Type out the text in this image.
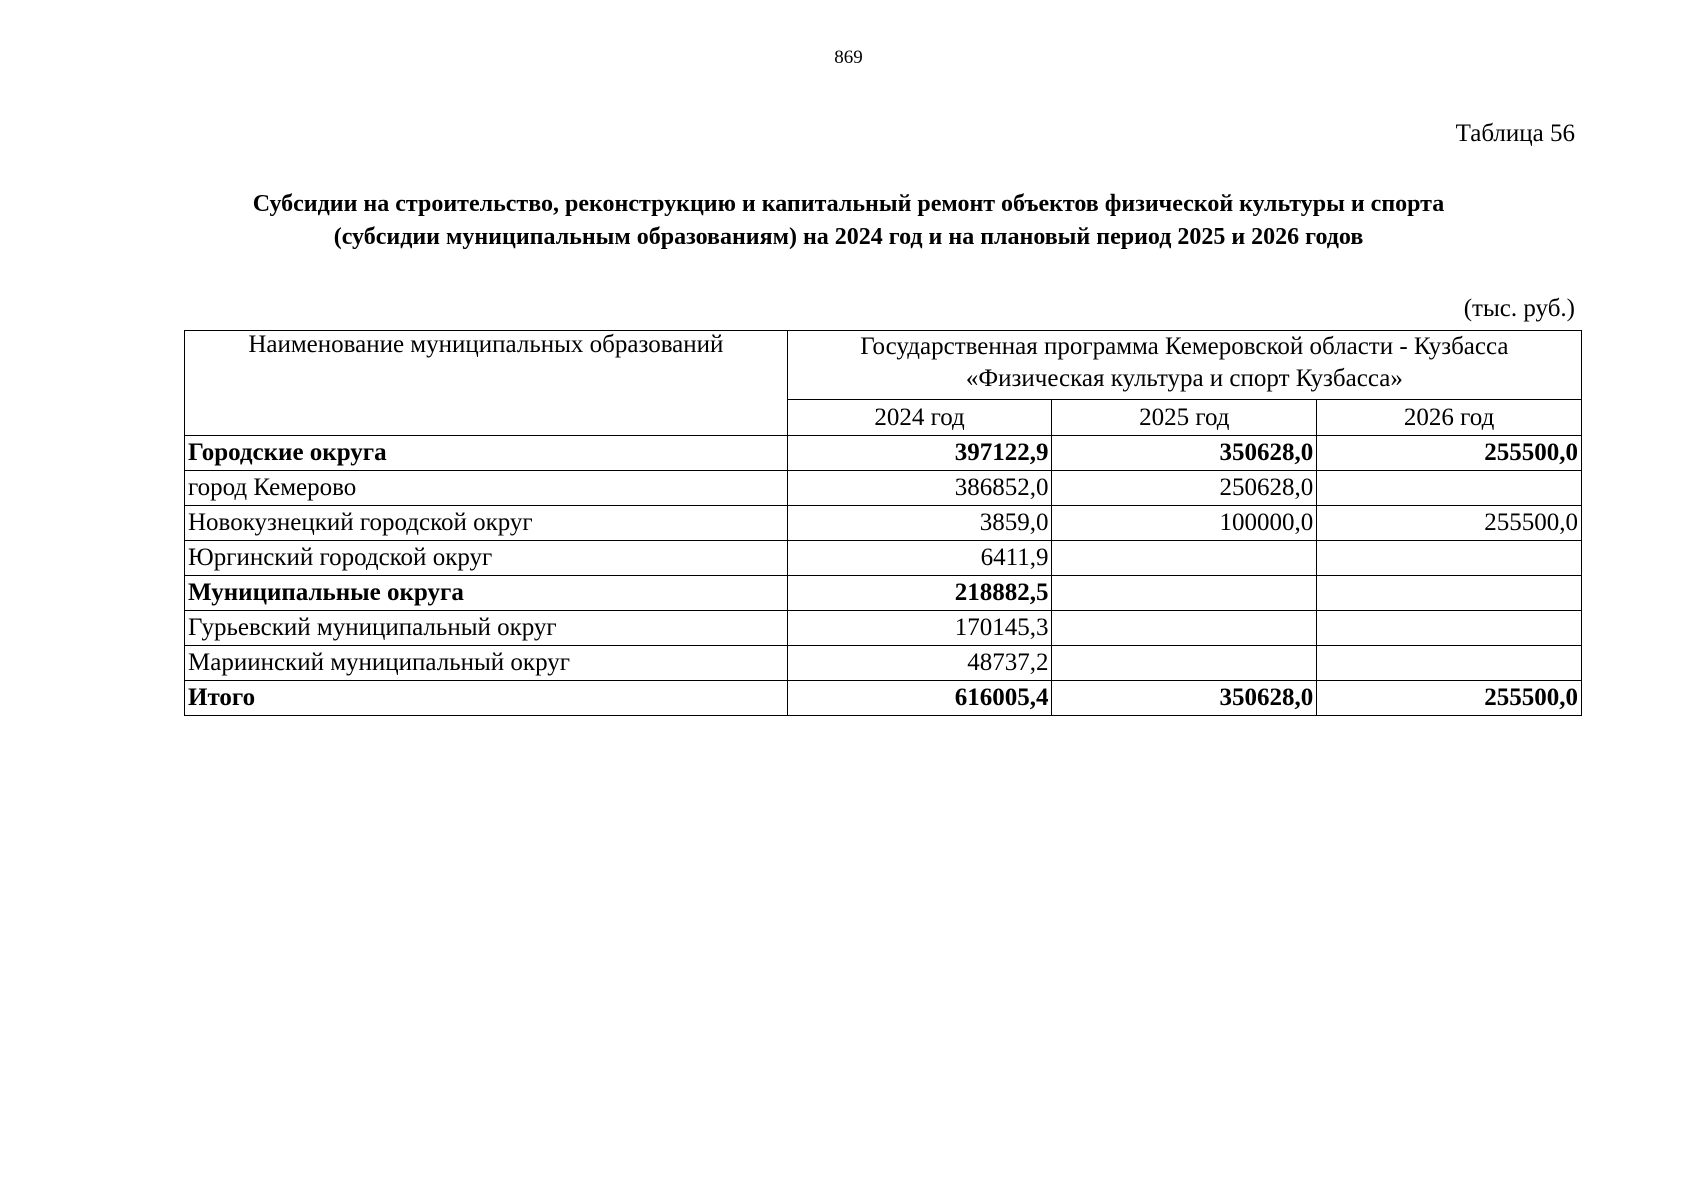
869
Таблица 56
Субсидии на строительство, реконструкцию и капитальный ремонт объектов физической культуры и спорта
(субсидии муниципальным образованиям) на 2024 год и на плановый период 2025 и 2026 годов
(тыс. руб.)
Наименование муниципальных образований	Государственная программа Кемеровской области - Кузбасса
«Физическая культура и спорт Кузбасса»		

	2024 год	2025 год	2026 год
Городские округа	397122,9	350628,0	255500,0
город Кемерово	386852,0	250628,0	
Новокузнецкий городской округ	3859,0	100000,0	255500,0
Юргинский городской округ	6411,9		
Муниципальные округа	218882,5		
Гурьевский муниципальный округ	170145,3		
Мариинский муниципальный округ	48737,2		
Итого	616005,4	350628,0	255500,0
